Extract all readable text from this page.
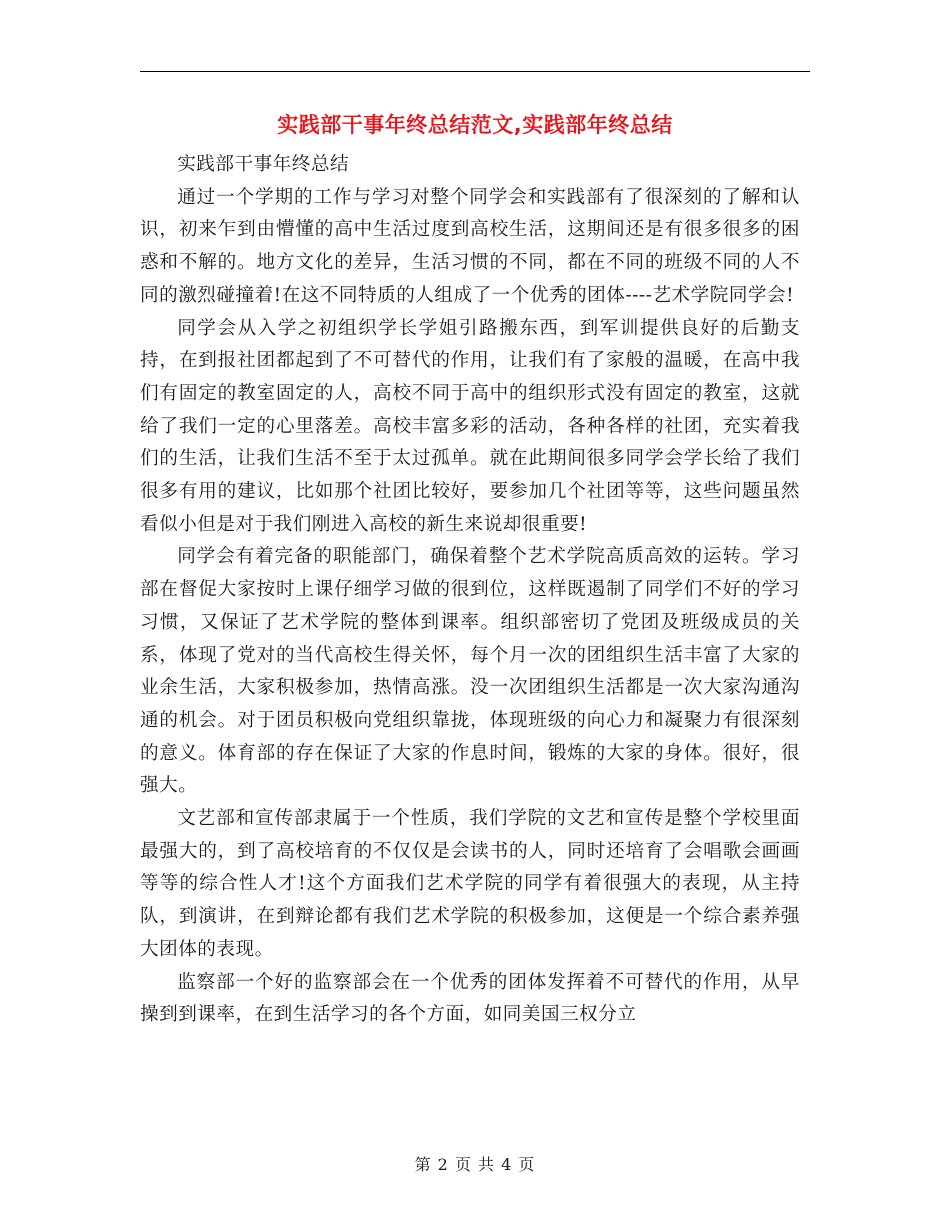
实践部干事年终总结范文,实践部年终总结

实践部干事年终总结

通过一个学期的工作与学习对整个同学会和实践部有了很深刻的了解和认识，初来乍到由懵懂的高中生活过度到高校生活，这期间还是有很多很多的困惑和不解的。地方文化的差异，生活习惯的不同，都在不同的班级不同的人不同的激烈碰撞着!在这不同特质的人组成了一个优秀的团体----艺术学院同学会!

同学会从入学之初组织学长学姐引路搬东西，到军训提供良好的后勤支持，在到报社团都起到了不可替代的作用，让我们有了家般的温暖，在高中我们有固定的教室固定的人，高校不同于高中的组织形式没有固定的教室，这就给了我们一定的心里落差。高校丰富多彩的活动，各种各样的社团，充实着我们的生活，让我们生活不至于太过孤单。就在此期间很多同学会学长给了我们很多有用的建议，比如那个社团比较好，要参加几个社团等等，这些问题虽然看似小但是对于我们刚进入高校的新生来说却很重要!

同学会有着完备的职能部门，确保着整个艺术学院高质高效的运转。学习部在督促大家按时上课仔细学习做的很到位，这样既遏制了同学们不好的学习习惯，又保证了艺术学院的整体到课率。组织部密切了党团及班级成员的关系，体现了党对的当代高校生得关怀，每个月一次的团组织生活丰富了大家的业余生活，大家积极参加，热情高涨。没一次团组织生活都是一次大家沟通沟通的机会。对于团员积极向党组织靠拢，体现班级的向心力和凝聚力有很深刻的意义。体育部的存在保证了大家的作息时间，锻炼的大家的身体。很好，很强大。

文艺部和宣传部隶属于一个性质，我们学院的文艺和宣传是整个学校里面最强大的，到了高校培育的不仅仅是会读书的人，同时还培育了会唱歌会画画等等的综合性人才!这个方面我们艺术学院的同学有着很强大的表现，从主持队，到演讲，在到辩论都有我们艺术学院的积极参加，这便是一个综合素养强大团体的表现。

监察部一个好的监察部会在一个优秀的团体发挥着不可替代的作用，从早操到到课率，在到生活学习的各个方面，如同美国三权分立

第 2 页 共 4 页
